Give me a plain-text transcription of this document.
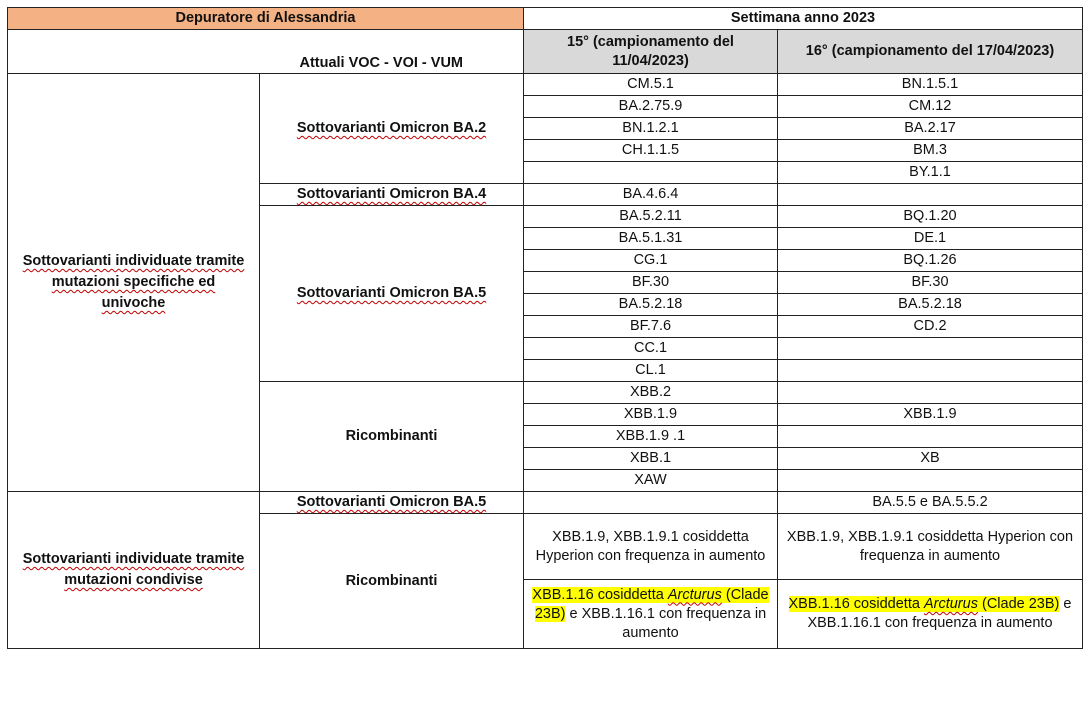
Depuratore di Alessandria		Settimana anno 2023	
Attuali VOC - VOI - VUM		15° (campionamento del 11/04/2023)	16° (campionamento del 17/04/2023)
Sottovarianti individuate tramite mutazioni specifiche ed univoche	Sottovarianti Omicron BA.2	CM.5.1	BN.1.5.1
		BA.2.75.9	CM.12
		BN.1.2.1	BA.2.17
		CH.1.1.5	BM.3
			BY.1.1
	Sottovarianti Omicron BA.4	BA.4.6.4	
	Sottovarianti Omicron BA.5	BA.5.2.11	BQ.1.20
		BA.5.1.31	DE.1
		CG.1	BQ.1.26
		BF.30	BF.30
		BA.5.2.18	BA.5.2.18
		BF.7.6	CD.2
		CC.1	
		CL.1	
	Ricombinanti	XBB.2	
		XBB.1.9	XBB.1.9
		XBB.1.9 .1	
		XBB.1	XB
		XAW	
Sottovarianti individuate tramite mutazioni condivise	Sottovarianti Omicron BA.5		BA.5.5 e BA.5.5.2
	Ricombinanti	XBB.1.9, XBB.1.9.1 cosiddetta Hyperion con frequenza in aumento	XBB.1.9, XBB.1.9.1 cosiddetta Hyperion con frequenza in aumento
		XBB.1.16 cosiddetta Arcturus (Clade 23B) e XBB.1.16.1 con frequenza in aumento	XBB.1.16 cosiddetta Arcturus (Clade 23B) e XBB.1.16.1 con frequenza in aumento
